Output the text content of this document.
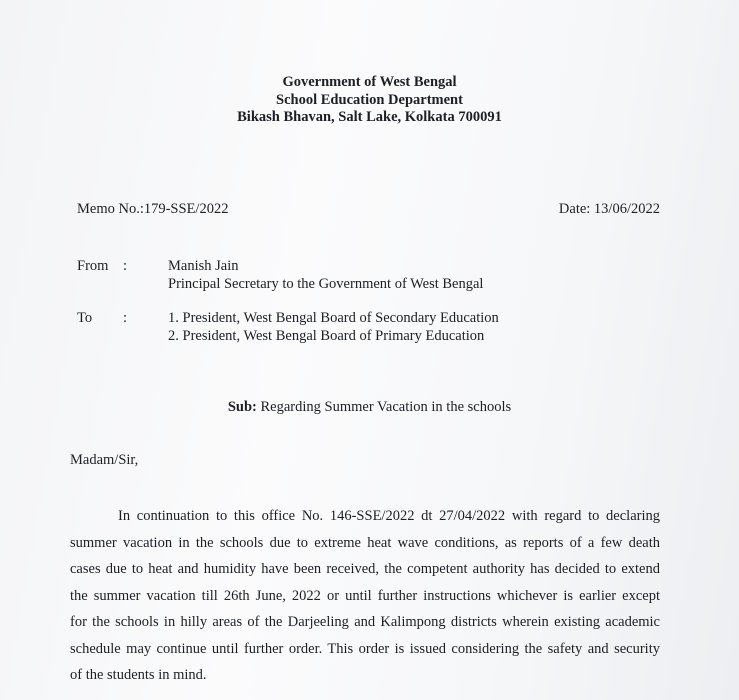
Government of West Bengal
School Education Department
Bikash Bhavan, Salt Lake, Kolkata 700091
Memo No.:179-SSE/2022	Date: 13/06/2022
From :	Manish Jain
Principal Secretary to the Government of West Bengal
To :	1. President, West Bengal Board of Secondary Education
2. President, West Bengal Board of Primary Education
Sub: Regarding Summer Vacation in the schools
Madam/Sir,
In continuation to this office No. 146-SSE/2022 dt 27/04/2022 with regard to declaring
summer vacation in the schools due to extreme heat wave conditions, as reports of a few death
cases due to heat and humidity have been received, the competent authority has decided to extend
the summer vacation till 26th June, 2022 or until further instructions whichever is earlier except
for the schools in hilly areas of the Darjeeling and Kalimpong districts wherein existing academic
schedule may continue until further order. This order is issued considering the safety and security
of the students in mind.
